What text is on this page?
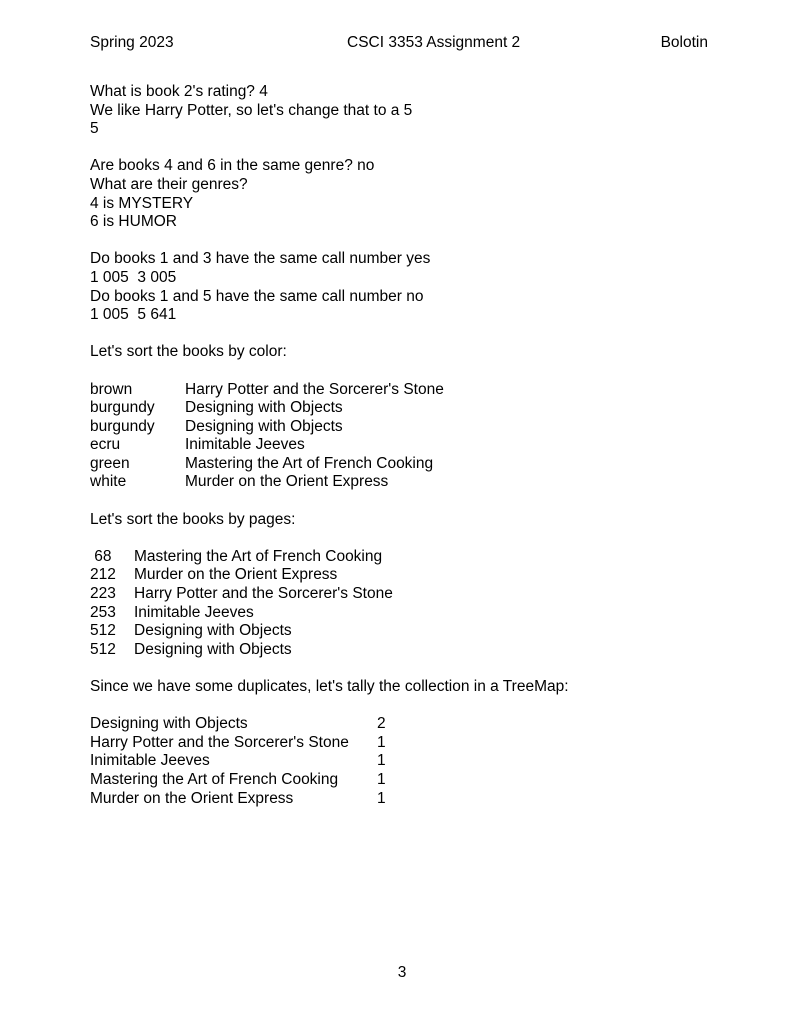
Spring 2023	CSCI 3353 Assignment 2	Bolotin

What is book 2's rating? 4

We like Harry Potter, so let's change that to a 5

5

Are books 4 and 6 in the same genre? no

What are their genres?

4 is MYSTERY

6 is HUMOR

Do books 1 and 3 have the same call number yes

1 005  3 005

Do books 1 and 5 have the same call number no

1 005  5 641

Let's sort the books by color:

brown	Harry Potter and the Sorcerer's Stone
burgundy	Designing with Objects
burgundy	Designing with Objects
ecru	Inimitable Jeeves
green	Mastering the Art of French Cooking
white	Murder on the Orient Express

Let's sort the books by pages:

68	Mastering the Art of French Cooking
212	Murder on the Orient Express
223	Harry Potter and the Sorcerer's Stone
253	Inimitable Jeeves
512	Designing with Objects
512	Designing with Objects

Since we have some duplicates, let's tally the collection in a TreeMap:

Designing with Objects	2
Harry Potter and the Sorcerer's Stone	1
Inimitable Jeeves	1
Mastering the Art of French Cooking	1
Murder on the Orient Express	1
3
